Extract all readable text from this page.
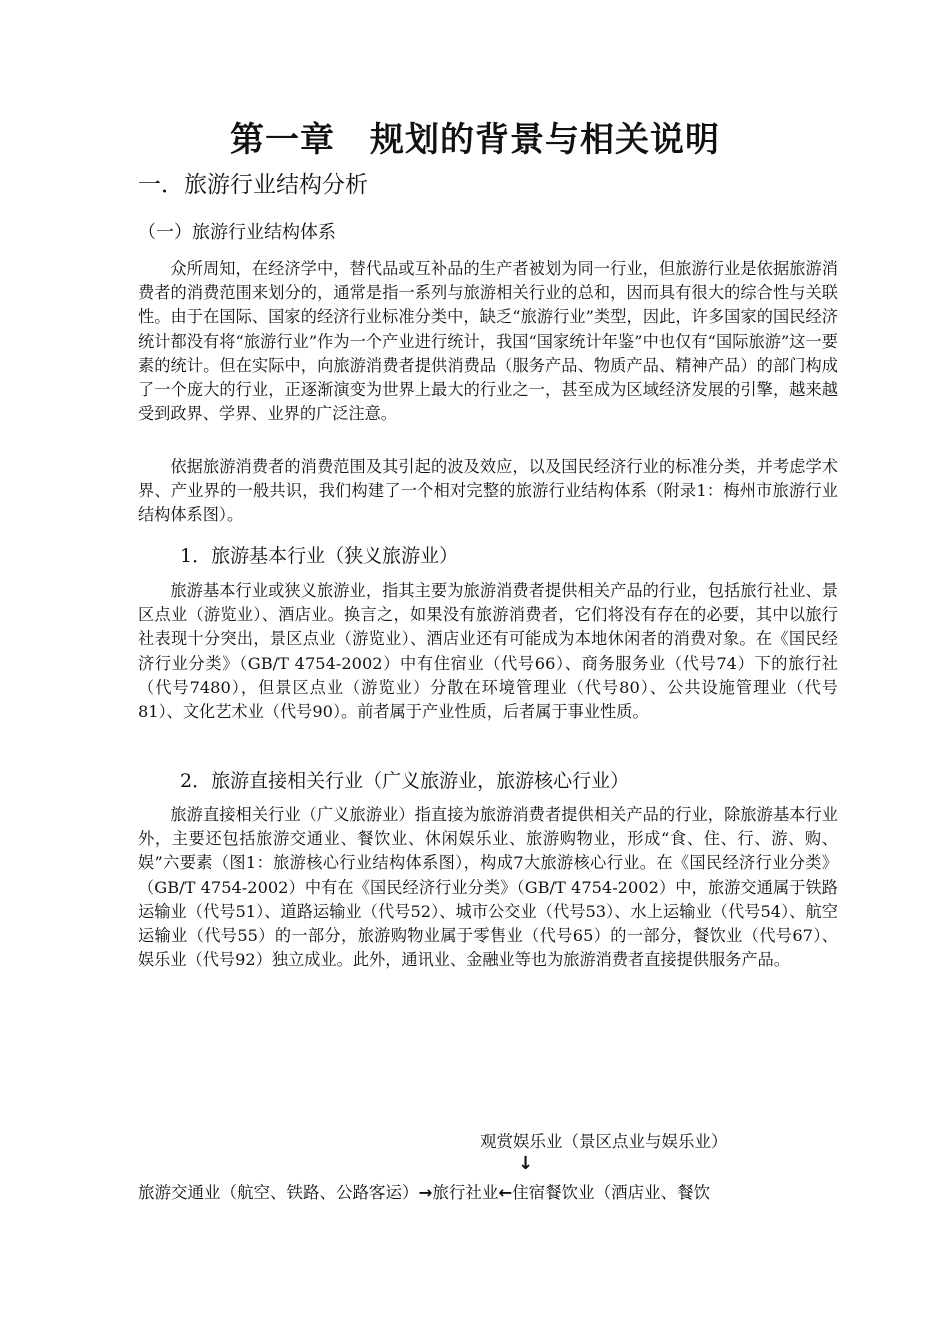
第一章　规划的背景与相关说明
一．旅游行业结构分析
（一）旅游行业结构体系

众所周知，在经济学中，替代品或互补品的生产者被划为同一行业，但旅游行业是依据旅游消费者的消费范围来划分的，通常是指一系列与旅游相关行业的总和，因而具有很大的综合性与关联性。由于在国际、国家的经济行业标准分类中，缺乏“旅游行业”类型，因此，许多国家的国民经济统计都没有将“旅游行业”作为一个产业进行统计，我国“国家统计年鉴”中也仅有“国际旅游”这一要素的统计。但在实际中，向旅游消费者提供消费品（服务产品、物质产品、精神产品）的部门构成了一个庞大的行业，正逐渐演变为世界上最大的行业之一，甚至成为区域经济发展的引擎，越来越受到政界、学界、业界的广泛注意。

依据旅游消费者的消费范围及其引起的波及效应，以及国民经济行业的标准分类，并考虑学术界、产业界的一般共识，我们构建了一个相对完整的旅游行业结构体系（附录1：梅州市旅游行业结构体系图）。

1．旅游基本行业（狭义旅游业）

旅游基本行业或狭义旅游业，指其主要为旅游消费者提供相关产品的行业，包括旅行社业、景区点业（游览业）、酒店业。换言之，如果没有旅游消费者，它们将没有存在的必要，其中以旅行社表现十分突出，景区点业（游览业）、酒店业还有可能成为本地休闲者的消费对象。在《国民经济行业分类》（GB/T 4754-2002）中有住宿业（代号66）、商务服务业（代号74）下的旅行社（代号7480），但景区点业（游览业）分散在环境管理业（代号80）、公共设施管理业（代号81）、文化艺术业（代号90）。前者属于产业性质，后者属于事业性质。

2．旅游直接相关行业（广义旅游业，旅游核心行业）

旅游直接相关行业（广义旅游业）指直接为旅游消费者提供相关产品的行业，除旅游基本行业外，主要还包括旅游交通业、餐饮业、休闲娱乐业、旅游购物业，形成“食、住、行、游、购、娱”六要素（图1：旅游核心行业结构体系图），构成7大旅游核心行业。在《国民经济行业分类》（GB/T 4754-2002）中有在《国民经济行业分类》（GB/T 4754-2002）中，旅游交通属于铁路运输业（代号51）、道路运输业（代号52）、城市公交业（代号53）、水上运输业（代号54）、航空运输业（代号55）的一部分，旅游购物业属于零售业（代号65）的一部分，餐饮业（代号67）、娱乐业（代号92）独立成业。此外，通讯业、金融业等也为旅游消费者直接提供服务产品。

观赏娱乐业（景区点业与娱乐业）
↓
旅游交通业（航空、铁路、公路客运）→旅行社业←住宿餐饮业（酒店业、餐饮
